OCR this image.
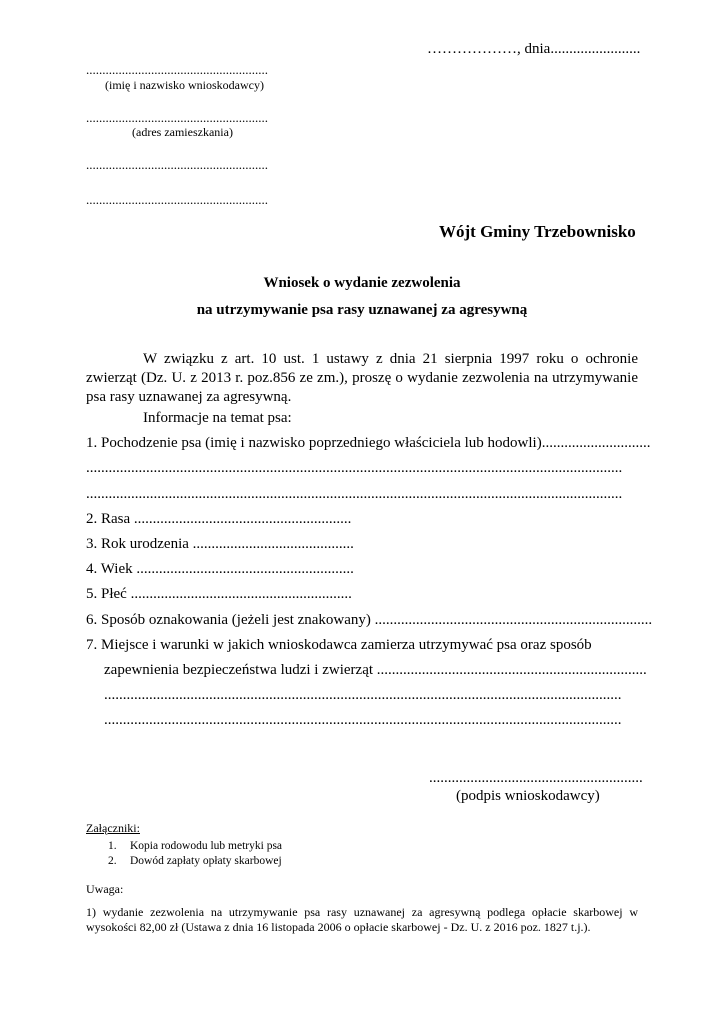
………………, dnia........................
........................................................
(imię i nazwisko wnioskodawcy)
........................................................
(adres zamieszkania)
........................................................
........................................................
Wójt Gminy Trzebownisko
Wniosek o wydanie zezwolenia
na utrzymywanie psa rasy uznawanej za agresywną
W związku z art. 10 ust. 1 ustawy z dnia 21 sierpnia 1997 roku o ochronie zwierząt (Dz. U. z 2013 r. poz.856 ze zm.), proszę o wydanie zezwolenia na utrzymywanie psa rasy uznawanej za agresywną.
Informacje na temat psa:
1. Pochodzenie psa (imię i nazwisko poprzedniego właściciela lub hodowli).............................
...............................................................................................................................................
...............................................................................................................................................
2. Rasa ..........................................................
3. Rok urodzenia ...........................................
4. Wiek ..........................................................
5. Płeć ...........................................................
6. Sposób oznakowania (jeżeli jest znakowany) ..........................................................................
7. Miejsce i warunki w jakich wnioskodawca zamierza utrzymywać psa oraz sposób
zapewnienia bezpieczeństwa ludzi i zwierząt ........................................................................
..........................................................................................................................................
..........................................................................................................................................
.........................................................
(podpis wnioskodawcy)
Załączniki:
1. Kopia rodowodu lub metryki psa
2. Dowód zapłaty opłaty skarbowej
Uwaga:
1) wydanie zezwolenia na utrzymywanie psa rasy uznawanej za agresywną podlega opłacie skarbowej w wysokości 82,00 zł (Ustawa z dnia 16 listopada 2006 o opłacie skarbowej - Dz. U. z 2016 poz. 1827 t.j.).
